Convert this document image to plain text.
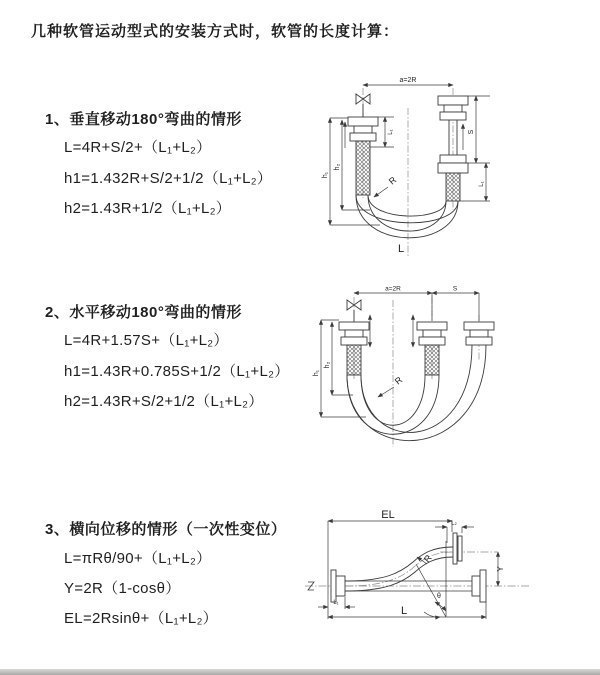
几种软管运动型式的安装方式时，软管的长度计算：
1、垂直移动180°弯曲的情形
L=4R+S/2+（L₁+L₂）
h1=1.432R+S/2+1/2（L₁+L₂）
h2=1.43R+1/2（L₁+L₂）
2、水平移动180°弯曲的情形
L=4R+1.57S+（L₁+L₂）
h1=1.43R+0.785S+1/2（L₁+L₂）
h2=1.43R+S/2+1/2（L₁+L₂）
3、横向位移的情形（一次性变位）
L=πRθ/90+（L₁+L₂）
Y=2R（1-cosθ）
EL=2Rsinθ+（L₁+L₂）
a=2R
S
L₁
h₁
h₂
L₁
R
L
a=2R	S
h₁
h₂
R
EL
L₂
Y
L
L₁
R
θ
